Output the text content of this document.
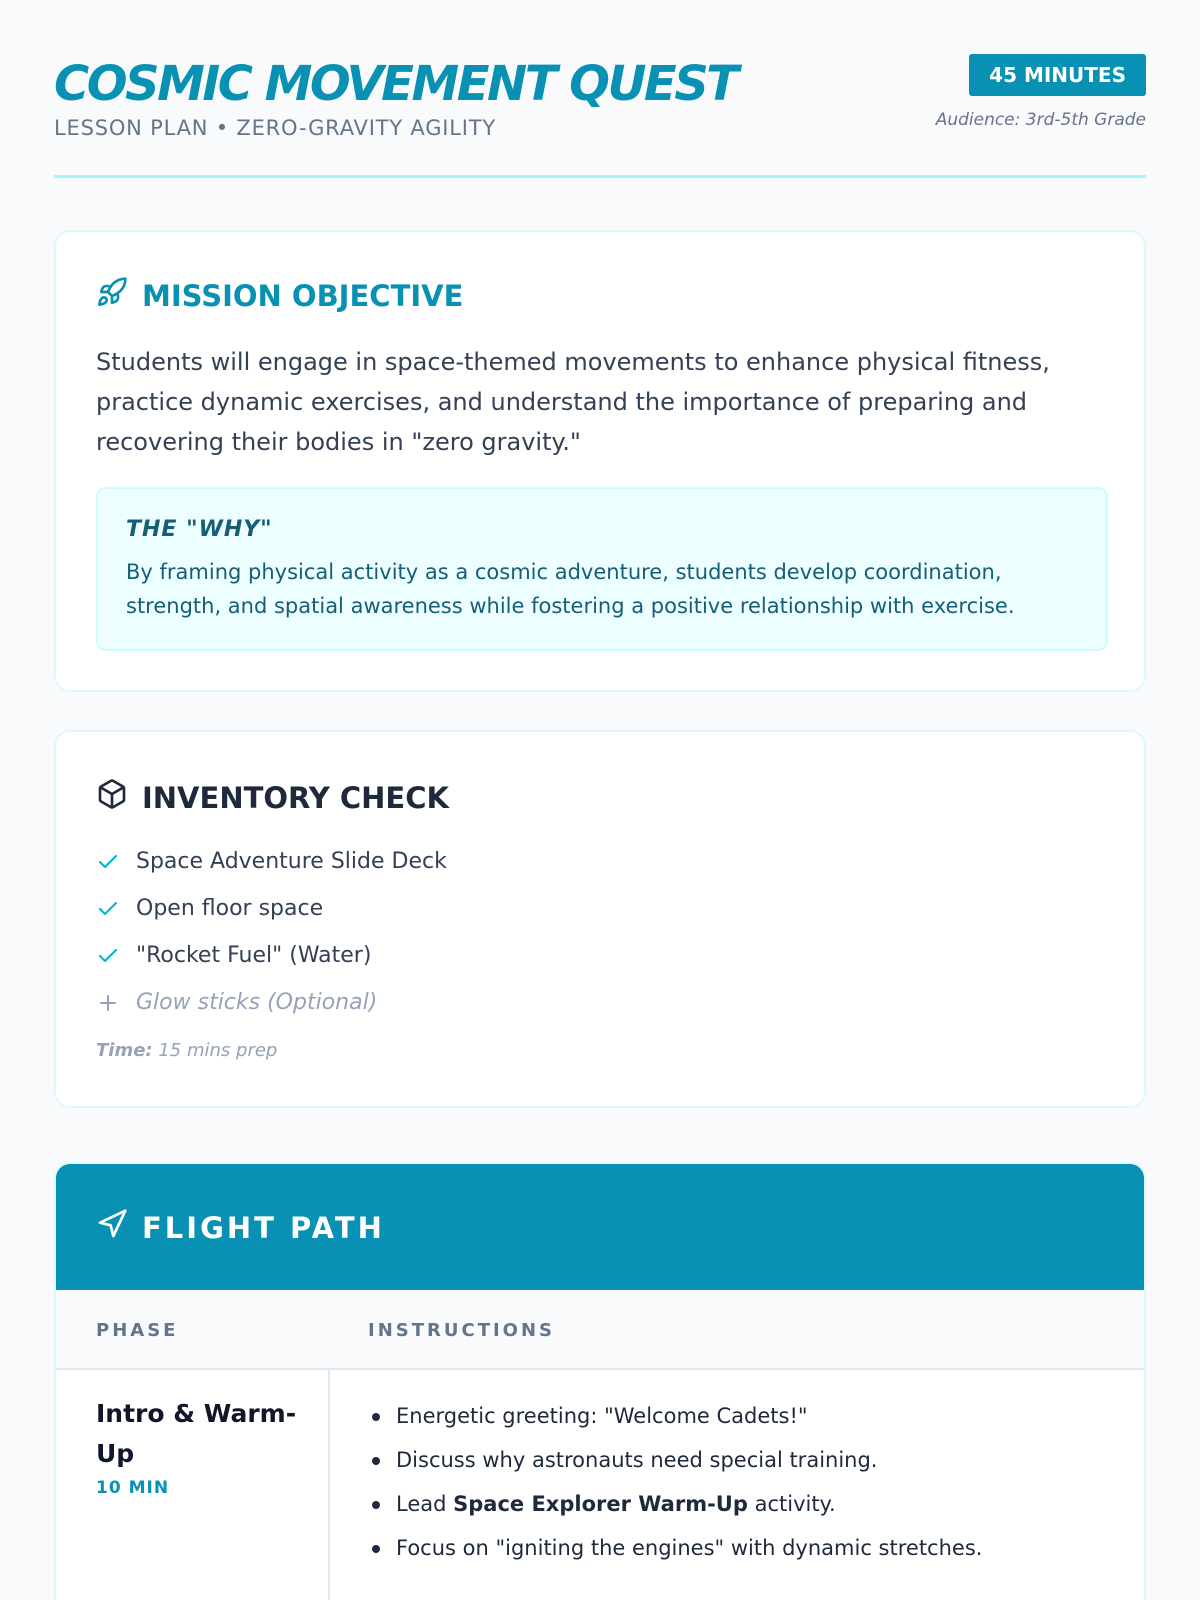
COSMIC MOVEMENT QUEST
LESSON PLAN • ZERO-GRAVITY AGILITY
45 MINUTES
Audience: 3rd-5th Grade
MISSION OBJECTIVE
Students will engage in space-themed movements to enhance physical fitness, practice dynamic exercises, and understand the importance of preparing and recovering their bodies in "zero gravity."
THE "WHY"
By framing physical activity as a cosmic adventure, students develop coordination, strength, and spatial awareness while fostering a positive relationship with exercise.
INVENTORY CHECK
Space Adventure Slide Deck
Open floor space
"Rocket Fuel" (Water)
Glow sticks (Optional)
Time: 15 mins prep
FLIGHT PATH
PHASE	INSTRUCTIONS
Intro & Warm-Up
10 MIN
Energetic greeting: "Welcome Cadets!"
Discuss why astronauts need special training.
Lead Space Explorer Warm-Up activity.
Focus on "igniting the engines" with dynamic stretches.
